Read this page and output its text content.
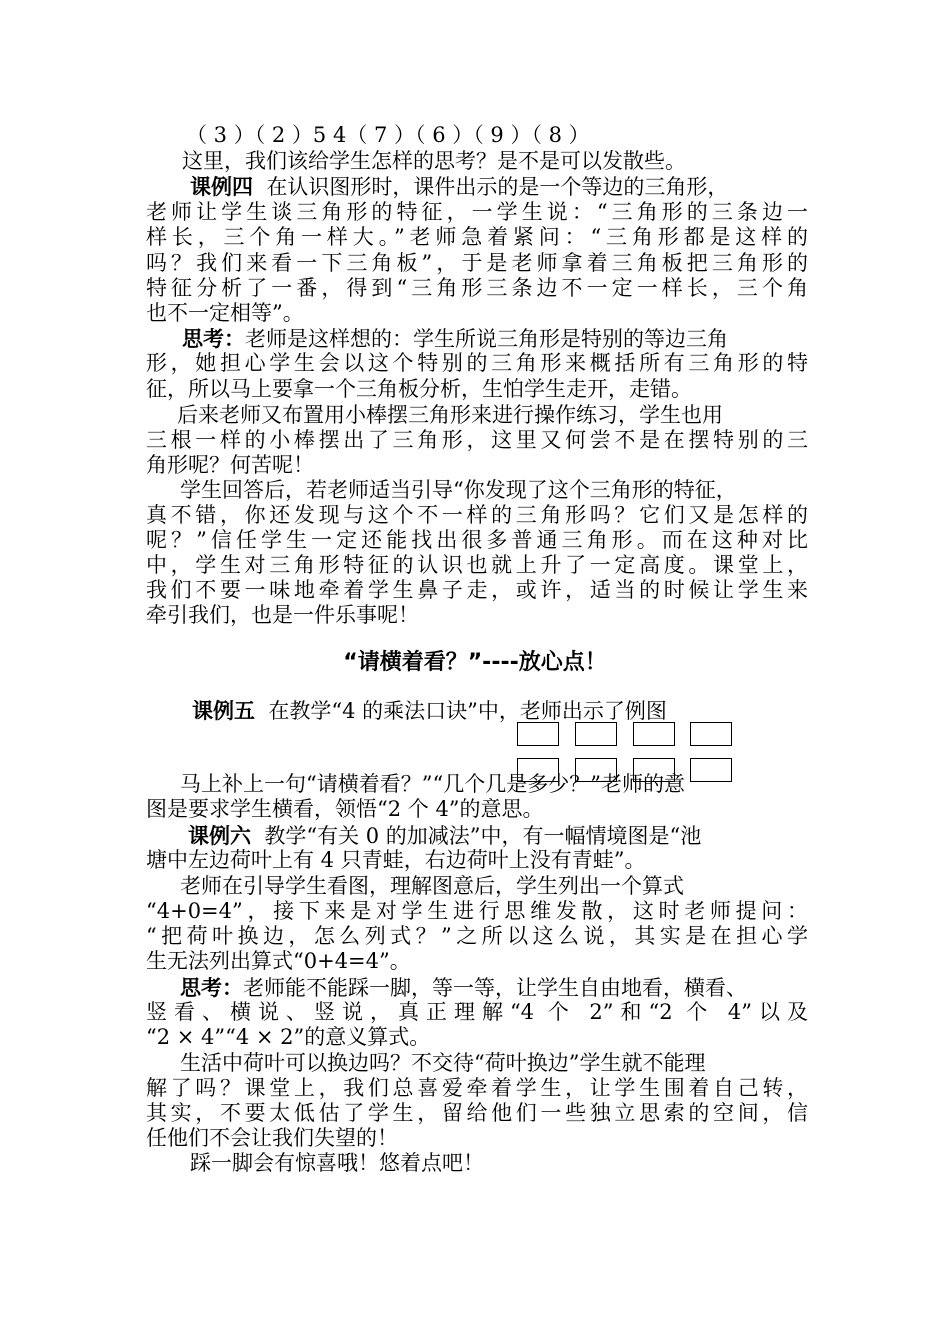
（ 3 ）（ 2 ）5 4（ 7 ）（ 6 ）（ 9 ）（ 8 ）
这里，我们该给学生怎样的思考？是不是可以发散些。
课例四 在认识图形时，课件出示的是一个等边的三角形，
老师让学生谈三角形的特征，一学生说：“三角形的三条边一
样长，三个角一样大。”老师急着紧问：“三角形都是这样的
吗？我们来看一下三角板”，于是老师拿着三角板把三角形的
特征分析了一番，得到“三角形三条边不一定一样长，三个角
也不一定相等”。
思考：老师是这样想的：学生所说三角形是特别的等边三角
形，她担心学生会以这个特别的三角形来概括所有三角形的特
征，所以马上要拿一个三角板分析，生怕学生走开，走错。
后来老师又布置用小棒摆三角形来进行操作练习，学生也用
三根一样的小棒摆出了三角形，这里又何尝不是在摆特别的三
角形呢？何苦呢！
学生回答后，若老师适当引导“你发现了这个三角形的特征，
真不错，你还发现与这个不一样的三角形吗？它们又是怎样的
呢？”信任学生一定还能找出很多普通三角形。而在这种对比
中，学生对三角形特征的认识也就上升了一定高度。课堂上，
我们不要一味地牵着学生鼻子走，或许，适当的时候让学生来
牵引我们，也是一件乐事呢！
“请横着看？”----放心点！
课例五 在教学“4 的乘法口诀”中，老师出示了例图
马上补上一句“请横着看？”“几个几是多少？”老师的意
图是要求学生横看，领悟“2 个 4”的意思。
课例六 教学“有关 0 的加减法”中，有一幅情境图是“池
塘中左边荷叶上有 4 只青蛙，右边荷叶上没有青蛙”。
老师在引导学生看图，理解图意后，学生列出一个算式
“4+0=4”，接下来是对学生进行思维发散，这时老师提问：
“把荷叶换边，怎么列式？”之所以这么说，其实是在担心学
生无法列出算式“0+4=4”。
思考：老师能不能踩一脚，等一等，让学生自由地看，横看、
竖看、横说、竖说，真正理解“4 个 2”和“2 个 4”以及
“2 × 4”“4 × 2”的意义算式。
生活中荷叶可以换边吗？不交待“荷叶换边”学生就不能理
解了吗？课堂上，我们总喜爱牵着学生，让学生围着自己转，
其实，不要太低估了学生，留给他们一些独立思索的空间，信
任他们不会让我们失望的！
踩一脚会有惊喜哦！悠着点吧！
